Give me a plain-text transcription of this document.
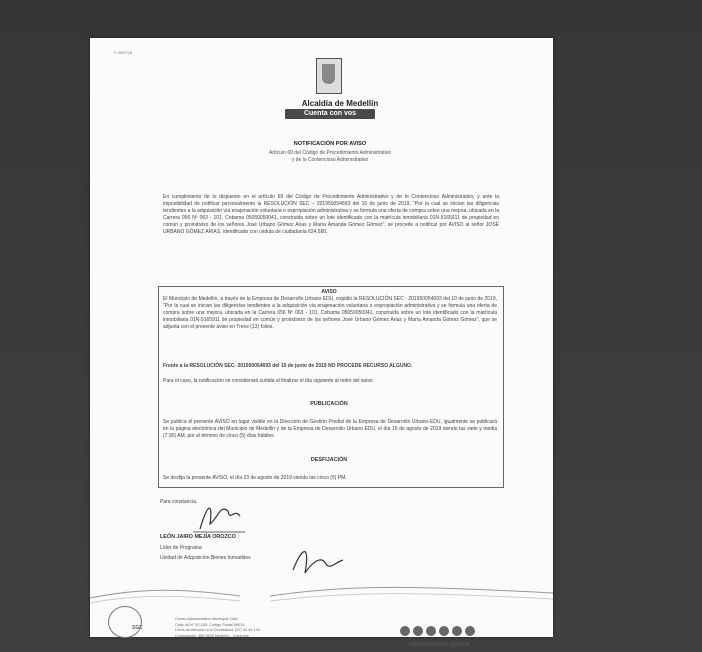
F-0007/18
Alcaldía de Medellín
Cuenta con vos
NOTIFICACIÓN POR AVISO
Artículo 69 del Código de Procedimiento Administrativo
y de lo Contencioso Administrativo
En cumplimiento de lo dispuesto en el artículo 69 del Código de Procedimiento Administrativo y de lo Contencioso Administrativo, y ante la imposibilidad de notificar personalmente la RESOLUCIÓN SEC – 201950054693 del 10 de junio de 2019, "Por la cual se inician las diligencias tendientes a la adquisición vía enajenación voluntaria o expropiación administrativa y se formula una oferta de compra sobre una mejora, ubicada en la Carrera 056 Nº 063 - 101, Cobama 05050050041, construida sobre un lote identificado con la matrícula inmobiliaria 01N-5165911 de propiedad en común y proindiviso de los señores José Urbano Gómez Arias y María Amanda Gómez Gómez", se procede a notificar por AVISO al señor JOSÉ URBANO GÓMEZ ARIAS, identificado con cédula de ciudadanía 624.580.
AVISO
El Municipio de Medellín, a través de la Empresa de Desarrollo Urbano EDU, expidió la RESOLUCIÓN SEC - 201950054693 del 10 de junio de 2019, "Por la cual se inician las diligencias tendientes a la adquisición vía enajenación voluntaria o expropiación administrativa y se formula una oferta de compra sobre una mejora, ubicada en la Carrera 056 Nº 063 - 101, Cobama 05050050041, construida sobre un lote identificado con la matrícula inmobiliaria 01N-5165911 de propiedad en común y proindiviso de los señores José Urbano Gómez Arias y María Amanda Gómez Gómez", que se adjunta con el presente aviso en Trece (13) folios.
Frente a la RESOLUCIÓN SEC- 201950054693 del 10 de junio de 2019 NO PROCEDE RECURSO ALGUNO.
Para el caso, la notificación se considerará surtida al finalizar el día siguiente al retiro del aviso.
PUBLICACIÓN
Se publica el presente AVISO en lugar visible en la Dirección de Gestión Predial de la Empresa de Desarrollo Urbano-EDU, igualmente se publicará en la página electrónica del Municipio de Medellín y de la Empresa de Desarrollo Urbano EDU, el día 16 de agosto de 2019 siendo las siete y media (7:30) AM, por el término de cinco (5) días hábiles.
DESFIJACIÓN
Se desfija la presente AVISO, el día 23 de agosto de 2019 siendo las cinco (5) PM.
Para constancia,
LEÓN JAIRO MEJÍA OROZCO
Líder de Programa
Unidad de Adquisición Bienes Inmuebles
SGC
Centro Administrativo Municipal CAM
Calle 44 N° 52-165. Código Postal 50015
Línea de Atención a la Ciudadanía: (57) 44 44 144
Conmutador: 385 5555 Medellín - Colombia
www.medellin.gov.co
